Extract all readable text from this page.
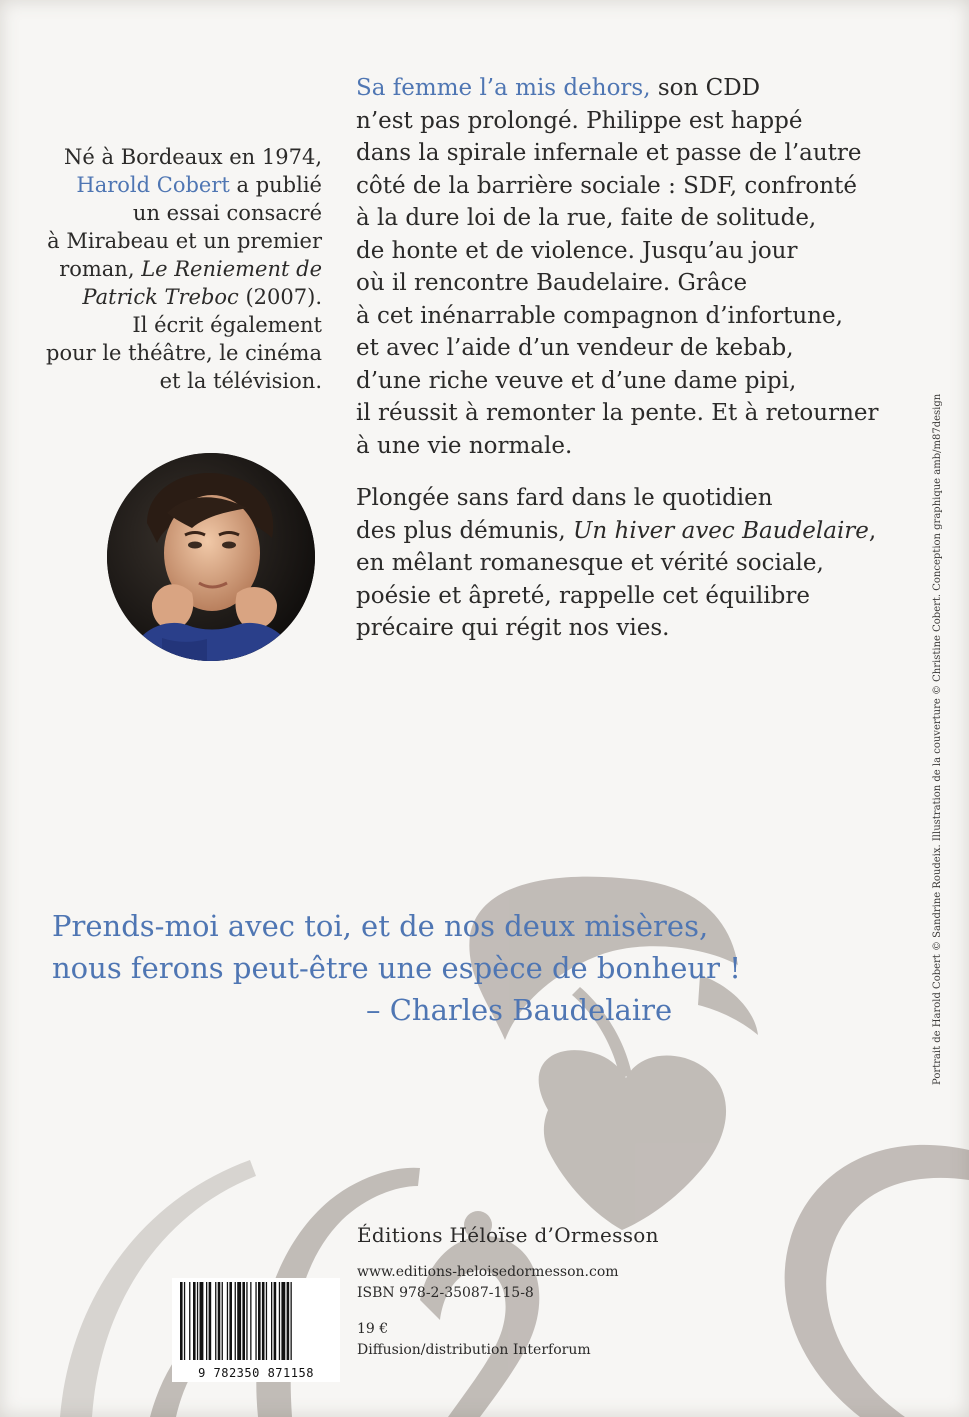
Né à Bordeaux en 1974,
Harold Cobert a publié
un essai consacré
à Mirabeau et un premier
roman, Le Reniement de
Patrick Treboc (2007).
Il écrit également
pour le théâtre, le cinéma
et la télévision.
Sa femme l’a mis dehors, son CDD
n’est pas prolongé. Philippe est happé
dans la spirale infernale et passe de l’autre
côté de la barrière sociale : SDF, confronté
à la dure loi de la rue, faite de solitude,
de honte et de violence. Jusqu’au jour
où il rencontre Baudelaire. Grâce
à cet inénarrable compagnon d’infortune,
et avec l’aide d’un vendeur de kebab,
d’une riche veuve et d’une dame pipi,
il réussit à remonter la pente. Et à retourner
à une vie normale.
Plongée sans fard dans le quotidien
des plus démunis, Un hiver avec Baudelaire,
en mêlant romanesque et vérité sociale,
poésie et âpreté, rappelle cet équilibre
précaire qui régit nos vies.
Prends-moi avec toi, et de nos deux misères,
nous ferons peut-être une espèce de bonheur !
– Charles Baudelaire	Portrait de Harold Cobert © Sandrine Roudeix. Illustration de la couverture © Christine Cobert. Conception graphique amb/m87design
Éditions Héloïse d’Ormesson
www.editions-heloisedormesson.com
ISBN 978-2-35087-115-8
19 €
Diffusion/distribution Interforum
9 782350 871158
